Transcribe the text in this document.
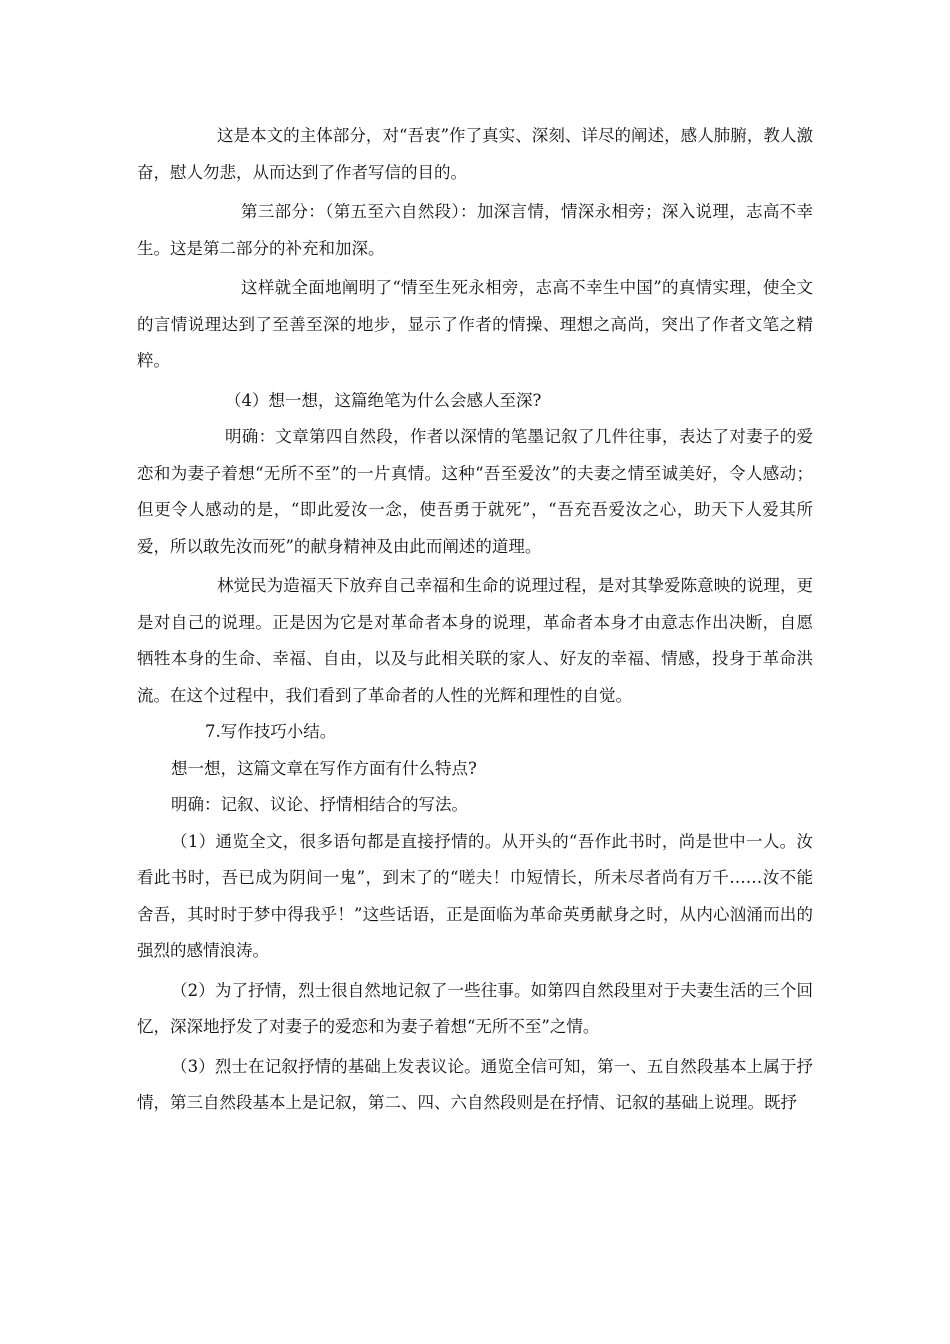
这是本文的主体部分，对“吾衷”作了真实、深刻、详尽的阐述，感人肺腑，教人激奋，慰人勿悲，从而达到了作者写信的目的。

第三部分：（第五至六自然段）：加深言情，情深永相旁；深入说理，志高不幸生。这是第二部分的补充和加深。

这样就全面地阐明了“情至生死永相旁，志高不幸生中国”的真情实理，使全文的言情说理达到了至善至深的地步，显示了作者的情操、理想之高尚，突出了作者文笔之精粹。

（4）想一想，这篇绝笔为什么会感人至深?

明确：文章第四自然段，作者以深情的笔墨记叙了几件往事，表达了对妻子的爱恋和为妻子着想“无所不至”的一片真情。这种“吾至爱汝”的夫妻之情至诚美好，令人感动；但更令人感动的是，“即此爱汝一念，使吾勇于就死”，“吾充吾爱汝之心，助天下人爱其所爱，所以敢先汝而死”的献身精神及由此而阐述的道理。

林觉民为造福天下放弃自己幸福和生命的说理过程，是对其挚爱陈意映的说理，更是对自己的说理。正是因为它是对革命者本身的说理，革命者本身才由意志作出决断，自愿牺牲本身的生命、幸福、自由，以及与此相关联的家人、好友的幸福、情感，投身于革命洪流。在这个过程中，我们看到了革命者的人性的光辉和理性的自觉。

7.写作技巧小结。

想一想，这篇文章在写作方面有什么特点?

明确：记叙、议论、抒情相结合的写法。

（1）通览全文，很多语句都是直接抒情的。从开头的“吾作此书时，尚是世中一人。汝看此书时，吾已成为阴间一鬼”，到末了的“嗟夫！巾短情长，所未尽者尚有万千……汝不能舍吾，其时时于梦中得我乎！”这些话语，正是面临为革命英勇献身之时，从内心汹涌而出的强烈的感情浪涛。

（2）为了抒情，烈士很自然地记叙了一些往事。如第四自然段里对于夫妻生活的三个回忆，深深地抒发了对妻子的爱恋和为妻子着想“无所不至”之情。

（3）烈士在记叙抒情的基础上发表议论。通览全信可知，第一、五自然段基本上属于抒情，第三自然段基本上是记叙，第二、四、六自然段则是在抒情、记叙的基础上说理。既抒
